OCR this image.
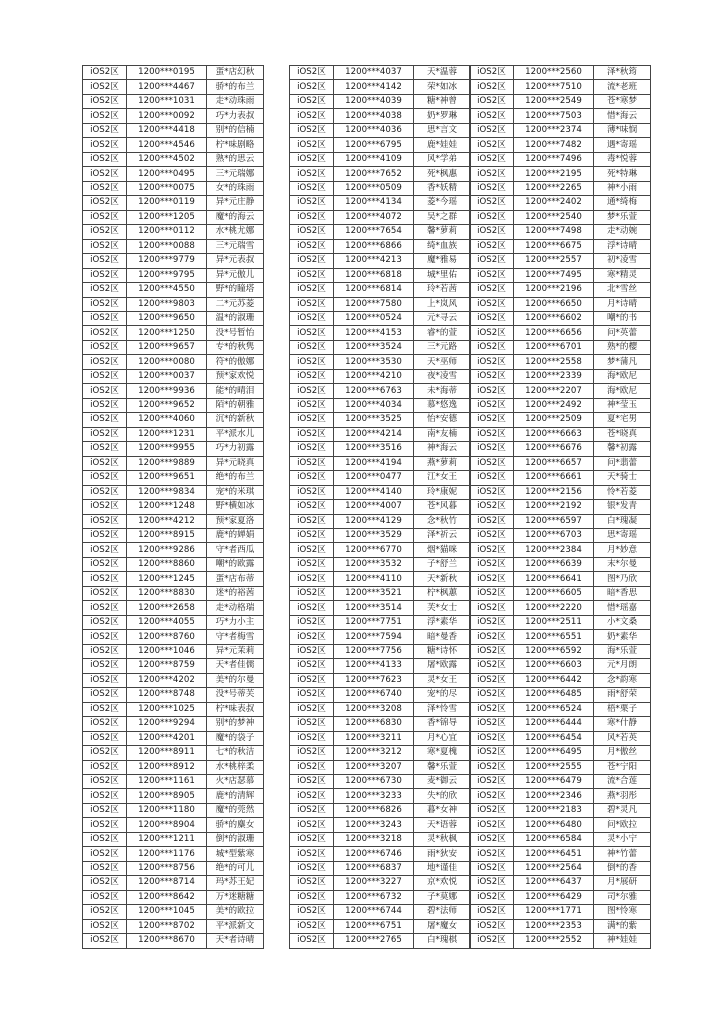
iOS2区	1200***0195	蛋*店幻秋
iOS2区	1200***4467	骄*的布兰
iOS2区	1200***1031	走*动珠雨
iOS2区	1200***0092	巧*力表叔
iOS2区	1200***4418	别*的信楠
iOS2区	1200***4546	柠*味剧略
iOS2区	1200***4502	熟*的思云
iOS2区	1200***0495	三*元瑞娜
iOS2区	1200***0075	女*的珠雨
iOS2区	1200***0119	异*元庄静
iOS2区	1200***1205	魔*的海云
iOS2区	1200***0112	水*桃尤娜
iOS2区	1200***0088	三*元瑞雪
iOS2区	1200***9779	异*元表叔
iOS2区	1200***9795	异*元傲儿
iOS2区	1200***4550	野*的瞳塔
iOS2区	1200***9803	二*元苏菱
iOS2区	1200***9650	温*的淑珊
iOS2区	1200***1250	没*号暂怡
iOS2区	1200***9657	专*的秋隽
iOS2区	1200***0080	符*的傲娜
iOS2区	1200***0037	预*家欢悦
iOS2区	1200***9936	能*的晴泪
iOS2区	1200***9652	陌*的朝雅
iOS2区	1200***4060	沉*的新秋
iOS2区	1200***1231	平*派水儿
iOS2区	1200***9955	巧*力初露
iOS2区	1200***9889	异*元晓真
iOS2区	1200***9651	绝*的布兰
iOS2区	1200***9834	宠*的米琪
iOS2区	1200***1248	野*横如冰
iOS2区	1200***4212	预*家夏洛
iOS2区	1200***8915	鹿*的婵娟
iOS2区	1200***9286	守*者西瓜
iOS2区	1200***8860	嘲*的欧露
iOS2区	1200***1245	蛋*店布蒂
iOS2区	1200***8830	迷*的裕茜
iOS2区	1200***2658	走*动格瑞
iOS2区	1200***4055	巧*力小主
iOS2区	1200***8760	守*者梅雪
iOS2区	1200***1046	异*元茉莉
iOS2区	1200***8759	天*者佳儒
iOS2区	1200***4202	美*的尔曼
iOS2区	1200***8748	没*号蒂芙
iOS2区	1200***1025	柠*味表叔
iOS2区	1200***9294	别*的梦神
iOS2区	1200***4201	魔*的袋子
iOS2区	1200***8911	七*的秋洁
iOS2区	1200***8912	水*桃梓柔
iOS2区	1200***1161	火*店瑟慕
iOS2区	1200***8905	鹿*的清辉
iOS2区	1200***1180	魔*的莞然
iOS2区	1200***8904	骄*的麋女
iOS2区	1200***1211	倒*的淑珊
iOS2区	1200***1176	城*型紫寒
iOS2区	1200***8756	绝*的可儿
iOS2区	1200***8714	玛*苏王妃
iOS2区	1200***8642	万*迷糖糖
iOS2区	1200***1045	美*的欧拉
iOS2区	1200***8702	平*派新文
iOS2区	1200***8670	天*者诗晴
iOS2区	1200***4037	天*温蓉
iOS2区	1200***4142	荣*如冰
iOS2区	1200***4039	糖*神曾
iOS2区	1200***4038	奶*罗琳
iOS2区	1200***4036	思*言文
iOS2区	1200***6795	鹿*娃娃
iOS2区	1200***4109	风*学弟
iOS2区	1200***7652	死*枫惠
iOS2区	1200***0509	香*妖精
iOS2区	1200***4134	菱*今瑶
iOS2区	1200***4072	吴*之群
iOS2区	1200***7654	馨*萝莉
iOS2区	1200***6866	绮*血族
iOS2区	1200***4213	魔*雅易
iOS2区	1200***6818	城*里佑
iOS2区	1200***6814	玲*若茜
iOS2区	1200***7580	上*岚风
iOS2区	1200***0524	元*寻云
iOS2区	1200***4153	睿*的萱
iOS2区	1200***3524	三*元路
iOS2区	1200***3530	天*巫师
iOS2区	1200***4210	夜*凌雪
iOS2区	1200***6763	未*海蒂
iOS2区	1200***4034	慕*悠逸
iOS2区	1200***3525	怡*安德
iOS2区	1200***4214	南*友楠
iOS2区	1200***3516	神*海云
iOS2区	1200***4194	燕*萝莉
iOS2区	1200***0477	江*女王
iOS2区	1200***4140	玲*康妮
iOS2区	1200***4007	苍*风暮
iOS2区	1200***4129	念*秋竹
iOS2区	1200***3529	泽*祈云
iOS2区	1200***6770	烟*猫咪
iOS2区	1200***3532	子*舒兰
iOS2区	1200***4110	天*新秋
iOS2区	1200***3521	柠*枫蕙
iOS2区	1200***3514	芙*女士
iOS2区	1200***7751	浮*素华
iOS2区	1200***7594	暗*曼香
iOS2区	1200***7756	糖*诗怀
iOS2区	1200***4133	屠*欧露
iOS2区	1200***7623	灵*女王
iOS2区	1200***6740	宠*的尽
iOS2区	1200***3208	泽*怜雪
iOS2区	1200***6830	香*锦导
iOS2区	1200***3211	月*心宜
iOS2区	1200***3212	寒*夏槐
iOS2区	1200***3207	馨*乐萱
iOS2区	1200***6730	麦*御云
iOS2区	1200***3233	失*的欣
iOS2区	1200***6826	暮*女神
iOS2区	1200***3243	天*语蓉
iOS2区	1200***3218	灵*秋枫
iOS2区	1200***6746	雨*狄安
iOS2区	1200***6837	地*谨佳
iOS2区	1200***3227	京*欢悦
iOS2区	1200***6732	子*莫娜
iOS2区	1200***6744	碧*法师
iOS2区	1200***6751	屠*魔女
iOS2区	1200***2765	白*瑰棋
iOS2区	1200***2560	泽*秋筠
iOS2区	1200***7510	流*老班
iOS2区	1200***2549	苍*寒梦
iOS2区	1200***7503	惜*海云
iOS2区	1200***2374	薄*味悯
iOS2区	1200***7482	遇*寄瑶
iOS2区	1200***7496	毒*悦蓉
iOS2区	1200***2195	死*特琳
iOS2区	1200***2265	神*小雨
iOS2区	1200***2402	通*绮梅
iOS2区	1200***2540	梦*乐萱
iOS2区	1200***7498	走*动婉
iOS2区	1200***6675	浮*诗晴
iOS2区	1200***2557	初*凌雪
iOS2区	1200***7495	寒*精灵
iOS2区	1200***2196	北*雪丝
iOS2区	1200***6650	月*诗晴
iOS2区	1200***6602	嘲*的书
iOS2区	1200***6656	问*英蕾
iOS2区	1200***6701	熟*的樱
iOS2区	1200***2558	梦*蒲凡
iOS2区	1200***2339	海*欧尼
iOS2区	1200***2207	海*欧尼
iOS2区	1200***2492	神*莹玉
iOS2区	1200***2509	夏*宅男
iOS2区	1200***6663	苍*晓真
iOS2区	1200***6676	馨*初露
iOS2区	1200***6657	问*翡蕾
iOS2区	1200***6661	天*骑士
iOS2区	1200***2156	怜*若菱
iOS2区	1200***2192	银*发青
iOS2区	1200***6597	白*瑰凝
iOS2区	1200***6703	思*寄瑶
iOS2区	1200***2384	月*妙意
iOS2区	1200***6639	末*尔曼
iOS2区	1200***6641	图*乃欣
iOS2区	1200***6605	暗*香思
iOS2区	1200***2220	惜*瑶嘉
iOS2区	1200***2511	小*文桑
iOS2区	1200***6551	奶*素华
iOS2区	1200***6592	海*乐萱
iOS2区	1200***6603	元*月朗
iOS2区	1200***6442	念*韵寒
iOS2区	1200***6485	雨*舒荣
iOS2区	1200***6524	梧*栗子
iOS2区	1200***6444	寒*什静
iOS2区	1200***6454	风*若英
iOS2区	1200***6495	月*傲丝
iOS2区	1200***2555	苍*宁阳
iOS2区	1200***6479	流*合莲
iOS2区	1200***2346	燕*羽彤
iOS2区	1200***2183	碧*灵凡
iOS2区	1200***6480	问*欧拉
iOS2区	1200***6584	灵*小宁
iOS2区	1200***6451	神*竹蕾
iOS2区	1200***2564	倒*的香
iOS2区	1200***6437	月*展研
iOS2区	1200***6429	司*尔雅
iOS2区	1200***1771	图*怜寒
iOS2区	1200***2353	满*的紫
iOS2区	1200***2552	神*娃娃
